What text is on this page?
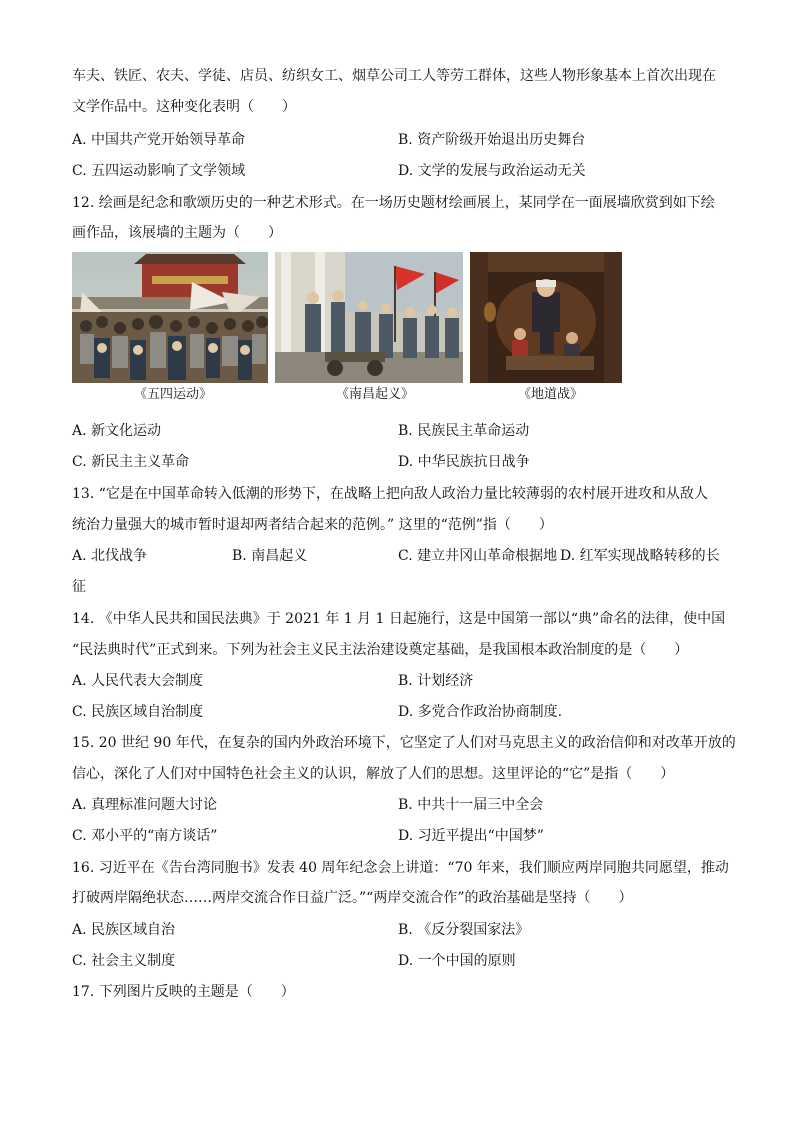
车夫、铁匠、农夫、学徒、店员、纺织女工、烟草公司工人等劳工群体，这些人物形象基本上首次出现在
文学作品中。这种变化表明（　　）
A. 中国共产党开始领导革命	B. 资产阶级开始退出历史舞台
C. 五四运动影响了文学领域	D. 文学的发展与政治运动无关
12. 绘画是纪念和歌颂历史的一种艺术形式。在一场历史题材绘画展上，某同学在一面展墙欣赏到如下绘
画作品，该展墙的主题为（　　）
《五四运动》	《南昌起义》	《地道战》
A. 新文化运动	B. 民族民主革命运动
C. 新民主主义革命	D. 中华民族抗日战争
13. “它是在中国革命转入低潮的形势下，在战略上把向敌人政治力量比较薄弱的农村展开进攻和从敌人
统治力量强大的城市暂时退却两者结合起来的范例。” 这里的“范例”指（　　）
A. 北伐战争	B. 南昌起义	C. 建立井冈山革命根据地 D. 红军实现战略转移的长
征
14. 《中华人民共和国民法典》于 2021 年 1 月 1 日起施行，这是中国第一部以“典”命名的法律，使中国
“民法典时代”正式到来。下列为社会主义民主法治建设奠定基础，是我国根本政治制度的是（　　）
A. 人民代表大会制度	B. 计划经济
C. 民族区域自治制度	D. 多党合作政治协商制度.
15. 20 世纪 90 年代，在复杂的国内外政治环境下，它坚定了人们对马克思主义的政治信仰和对改革开放的
信心，深化了人们对中国特色社会主义的认识，解放了人们的思想。这里评论的“它”是指（　　）
A. 真理标准问题大讨论	B. 中共十一届三中全会
C. 邓小平的“南方谈话”	D. 习近平提出“中国梦”
16. 习近平在《告台湾同胞书》发表 40 周年纪念会上讲道：“70 年来，我们顺应两岸同胞共同愿望，推动
打破两岸隔绝状态……两岸交流合作日益广泛。”“两岸交流合作”的政治基础是坚持（　　）
A. 民族区域自治	B. 《反分裂国家法》
C. 社会主义制度	D. 一个中国的原则
17. 下列图片反映的主题是（　　）
